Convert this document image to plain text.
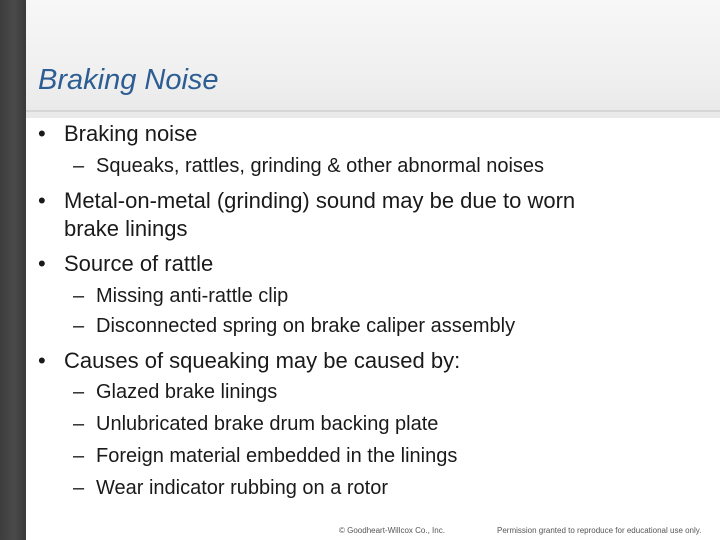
Braking Noise
• Braking noise
– Squeaks, rattles, grinding & other abnormal noises
• Metal-on-metal (grinding) sound may be due to worn
brake linings
• Source of rattle
– Missing anti-rattle clip
– Disconnected spring on brake caliper assembly
• Causes of squeaking may be caused by:
– Glazed brake linings
– Unlubricated brake drum backing plate
– Foreign material embedded in the linings
– Wear indicator rubbing on a rotor
© Goodheart-Willcox Co., Inc.	Permission granted to reproduce for educational use only.
